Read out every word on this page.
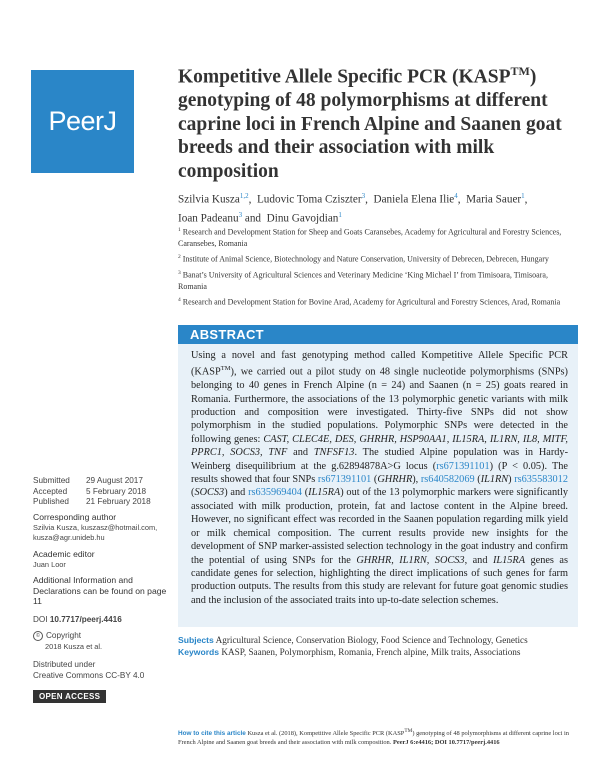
PeerJ
Kompetitive Allele Specific PCR (KASP™) genotyping of 48 polymorphisms at different caprine loci in French Alpine and Saanen goat breeds and their association with milk composition
Szilvia Kusza$^{1,2}$,  Ludovic Toma Cziszter$^3$,  Daniela Elena Ilie$^4$,  Maria Sauer$^1$,
Ioan Padeanu$^3$ and  Dinu Gavojdian$^1$

$^1$ Research and Development Station for Sheep and Goats Caransebes, Academy for Agricultural and Forestry Sciences, Caransebes, Romania

$^2$ Institute of Animal Science, Biotechnology and Nature Conservation, University of Debrecen, Debrecen, Hungary

$^3$ Banat’s University of Agricultural Sciences and Veterinary Medicine ‘King Michael I’ from Timisoara, Timisoara, Romania

$^4$ Research and Development Station for Bovine Arad, Academy for Agricultural and Forestry Sciences, Arad, Romania

ABSTRACT
Using a novel and fast genotyping method called Kompetitive Allele Specific PCR (KASP™), we carried out a pilot study on 48 single nucleotide polymorphisms (SNPs) belonging to 40 genes in French Alpine (n = 24) and Saanen (n = 25) goats reared in Romania. Furthermore, the associations of the 13 polymorphic genetic variants with milk production and composition were investigated. Thirty-five SNPs did not show polymorphism in the studied populations. Polymorphic SNPs were detected in the following genes: CAST, CLEC4E, DES, GHRHR, HSP90AA1, IL15RA, IL1RN, IL8, MITF, PPRC1, SOCS3, TNF and TNFSF13. The studied Alpine population was in Hardy-Weinberg disequilibrium at the g.62894878A>G locus (rs671391101) (P < 0.05). The results showed that four SNPs rs671391101 (GHRHR), rs640582069 (IL1RN) rs635583012 (SOCS3) and rs635969404 (IL15RA) out of the 13 polymorphic markers were significantly associated with milk production, protein, fat and lactose content in the Alpine breed. However, no significant effect was recorded in the Saanen population regarding milk yield or milk chemical composition. The current results provide new insights for the development of SNP marker-assisted selection technology in the goat industry and confirm the potential of using SNPs for the GHRHR, IL1RN, SOCS3, and IL15RA genes as candidate genes for selection, highlighting the direct implications of such genes for farm production outputs. The results from this study are relevant for future goat genomic studies and the inclusion of the associated traits into up-to-date selection schemes.
Submitted	29 August 2017
Accepted	5 February 2018
Published	21 February 2018
Corresponding author
Szilvia Kusza, kuszasz@hotmail.com,
kusza@agr.unideb.hu
Academic editor
Juan Loor
Additional Information and Declarations can be found on page 11
DOI 10.7717/peerj.4416
© Copyright
2018 Kusza et al.
Distributed under
Creative Commons CC-BY 4.0
OPEN ACCESS
Subjects Agricultural Science, Conservation Biology, Food Science and Technology, Genetics
Keywords KASP, Saanen, Polymorphism, Romania, French alpine, Milk traits, Associations
How to cite this article Kusza et al. (2018), Kompetitive Allele Specific PCR (KASP™) genotyping of 48 polymorphisms at different caprine loci in French Alpine and Saanen goat breeds and their association with milk composition. PeerJ 6:e4416; DOI 10.7717/peerj.4416
